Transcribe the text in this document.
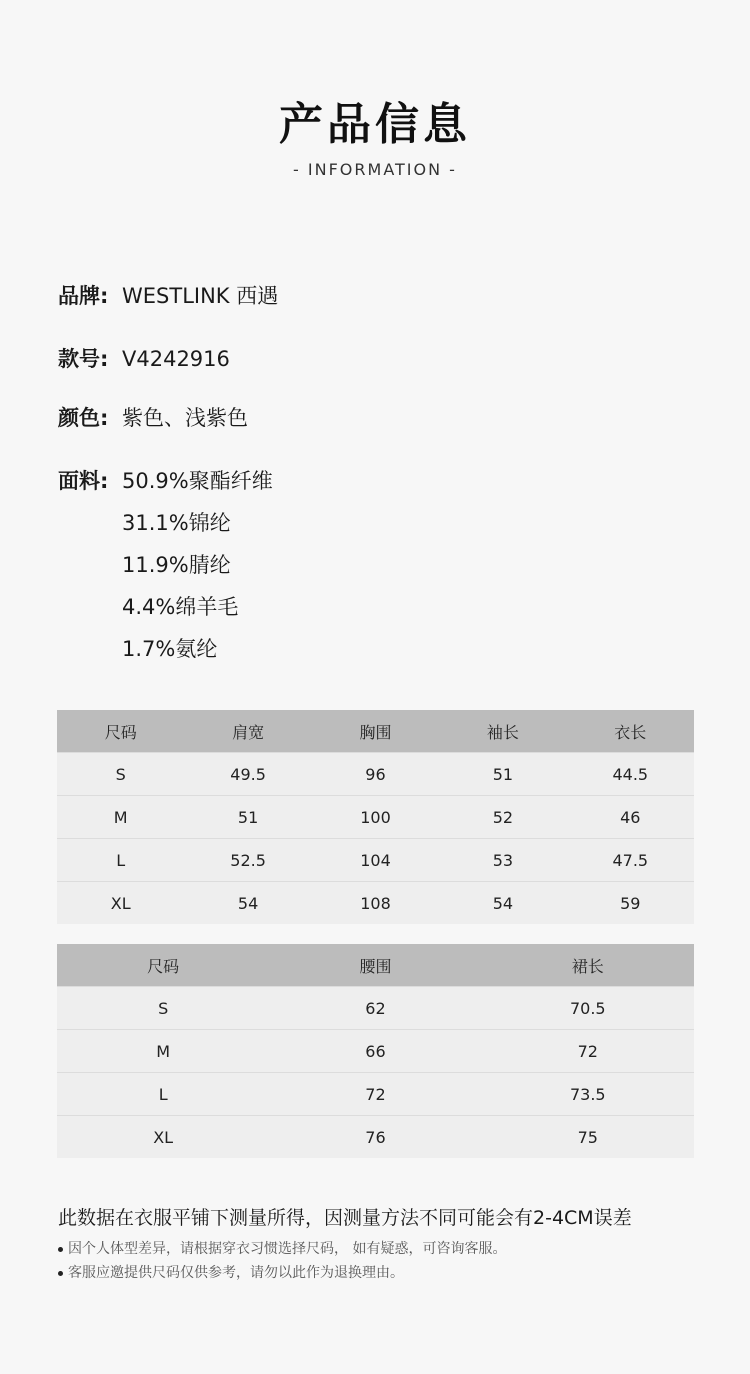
产品信息
- INFORMATION -
品牌: WESTLINK 西遇
款号: V4242916
颜色: 紫色、浅紫色
面料: 50.9%聚酯纤维
31.1%锦纶
11.9%腈纶
4.4%绵羊毛
1.7%氨纶
尺码	肩宽	胸围	袖长	衣长
S	49.5	96	51	44.5
M	51	100	52	46
L	52.5	104	53	47.5
XL	54	108	54	59
尺码	腰围	裙长
S	62	70.5
M	66	72
L	72	73.5
XL	76	75
此数据在衣服平铺下测量所得，因测量方法不同可能会有2-4CM误差
因个人体型差异，请根据穿衣习惯选择尺码， 如有疑惑，可咨询客服。
客服应邀提供尺码仅供参考，请勿以此作为退换理由。
